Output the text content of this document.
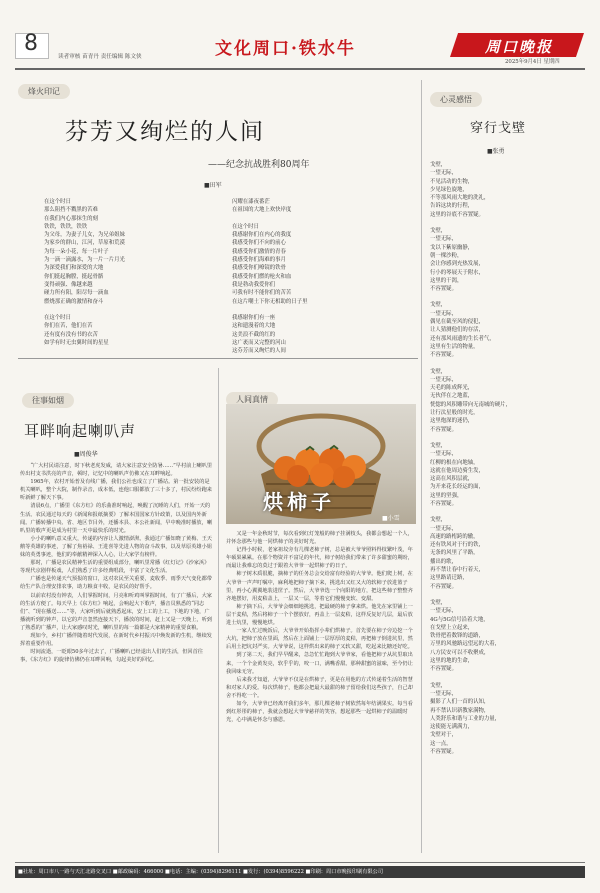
8
读者审核 苗青丹 责任编辑 陈文侠	文化周口·铁水牛	周口晚报
2025年9月4日 星期四
烽火印记
芬芳又绚烂的人间
——纪念抗战胜利80周年
■田军
在这个时日
那么阻挡不戮黑的苦难
在我们内心那抹生的刻
铁铁，铁铁，铁铁
为父母，为妻子儿女，为兄弟姐妹
为家乡的群山，江河，草原和荒漠
为每一朵小花，每一片叶子
为一滴一滴露水，为一片一片月光
为深爱我们和深爱的大地
你们挺起胸膛，挺起骨骼
变得顽强、像越来越
碰力所有阳，阳尽每一滴血
燃烧那正确的激情和奋斗

在这个时日
你们在苦，他们在苦
还有度有没有书的衣苦
如学有时无虫翼时间的星星
闪耀在漆夜番茫
在祖国的大地上欢快岸度

在这个时日
我感谢你们在内心的我度
我感受你们不向的前心
我感受你们激情的青春
我感受你们海难的事月
我感受你们嘹镜的铁骨
我感受你们燃的枪火和血
我是勃动我爱你们
可我有时不能你们的苦苦
在这片嘲土下你无相助的日子里

我感谢你们有一座
这和遗漫着的大地
这美浪不截的红的
这广袤而又完整的河山
这芬芳而又绚烂的人间
往事如烟
耳畔响起喇叭声
■周俊华

“广大村民请注意，时下秋老虎发威，请大家注意安全防暑……”早村前上喇叭里传出村支书洪亮的声音，顿时，记忆中的喇叭声仿佛又在耳畔响起。

1965年，农村开始普及有线广播，我们公社也成立了广播站。第一批安装的是机关喇叭，整个大院，制作录音，成本低，连他口服都放了三十多了，村民纷纷跑来听新鲜了解天下事。

清晨6点，广播里《东方红》的乐曲准时响起，唤醒了沉睡的人们，开始一天的生活。农民通过每天的《新闻和报纸摘要》了解本国国家方针政策，以及国内外新闻。广播转播中央、省、地区节目外，还播本县、本公社新闻，早中晚准时播放，喇叭里的歌声更是成为村里一天中最快乐的时光。

小小的喇叭意义重大，传递的内容让人激情澎湃。我通过广播知晓了黄梅、王天鹅等英雄的事迹，了解了焦裕禄、王进喜等先进人物的奋斗故事，以及草原英雄小姐妹的英勇事迹，他们的奉献精神深入人心，让大家学有榜样。

那时，广播是农民精神生活的重要组成部分，喇叭里常播《红灯记》《沙家浜》等现代京剧样板戏，人们熟悉了许多经典唱段，丰富了文化生活。

广播也是传递天气预报的窗口，这对农民至关重要，麦收季、雨季天气变化都带给生产队合理安排农事，助力粮食丰收，是农民的好帮手。

以前农村没有钟表，人们掌握时间，月亮和听鸡叫掌握时间，有了广播后，大家的生活方便了。每天早上《东方红》响起，会响起大下歌声，播音员熟悉的“同志们”、“现在播送……”等，大家听到后就熟悉起床，安上工的上工，下地的下地，广播就听到的钟声，以它的声音忽然连接天下，播放的时间，赶上又是一天晚上，听到了熟悉的广播声，让大家感叹时光，喇叭里的每一篇都是大家精神的重要食粮。

现如今，乡村广播伴随着时代发展，在新时代乡村振兴中焕发新的生机，继续发挥着重要作用。

时间流逝，一眨眼50多年过去了，广播喇叭已经退出人们的生活，但回首往事，《东方红》的旋律仿佛仍在耳畔回响，勾起美好的回忆。

人间真情
烘柿子
■小雪

又是一年金秋时节，每次看到红灯笼般的柿子挂满枝头，我都会想起一个人，并怀念那些与他一同烘柿子的美好时光。

记得小时候，老家祖坟旁有几棵老柿子树，总是被大爷爷照料得枝繁叶茂，年年硕果累累。在那个物资并不富足的年代，柿子树给我们带来了许多甜蜜的期盼，而最让我难忘的莫过于跟着大爷爷一起烘柿子的日子。

柿子树木质很脆，摘柿子的任务总会交给富有经验的大爷爷。他们爬上树，在大爷爷一声声叮嘱中，麻利地把柿子摘下来，挑选出又红又大的软柿子放进篮子里，再小心翼翼地装进筐子。然后，大爷爷选一个向阳的地方，把这些柿子整整齐齐地摆好，用麦秸盖上，一层又一层，等着它们慢慢变软、变甜。

柿子摘下后，大爷爷会细细地挑选，把最硬的柿子拿来烘。他先在家里铺上一层干麦秸，然后将柿子一个个摆放好，再盖上一层麦秸，这样反复好几层，最后放进土炕里，慢慢地烘。

一家人忙过晚饭后，大爷爷开始指挥小辈们烘柿子。首先要在柿子旁边挖一个大坑，把柿子放在里面，然后在上面铺上一层厚厚的麦秸，再把柿子倒进坑里，然后用土把坑封严实。大爷爷说，这样烘出来的柿子又软又甜，吃起来比糖还好吃。

到了第二天，我们早早醒来，急急忙忙跑到大爷爷家，看他把柿子从坑里取出来，一个个金黄发亮，软乎乎的，咬一口，满嘴香甜。那种甜蜜的滋味，至今仍让我回味无穷。

后来我才知道，大爷爷不仅是在烘柿子，更是在用他的方式传递着生活的智慧和对家人的爱。每次烘柿子，他都会把最大最甜的柿子留给我们这些孩子，自己却舍不得吃一个。

如今，大爷爷已经离开我们多年，那几棵老柿子树依然每年结满果实。每当看到红彤彤的柿子，我就会想起大爷爷慈祥的笑容，想起那些一起烘柿子的温暖时光，心中满是怀念与感恩。

心灵感悟
穿行戈壁
■张勇
戈壁，
一望无际，
不见活动的生物，
少见绿色旋地，
不等那风雨大地的洗礼，
告诉这块的行程，
这里的谷底不容置疑。
戈壁，
一望无际，
戈以下紫原幽静，
朝一棵沙粉，
会让你感到充热发展，
行小的琴展天于附水，
这里的干渴，
不容置疑。
戈壁，
一望无际，
偶见在截至风的侵犯，
让人猜测他们的存活，
还有那风雨遗的生长者气，
这里有生活的物量，
不容置疑。
戈壁，
一望无际，
天毛的陈成辉光，
无伙伴在之地蓝，
恍惚的风积雕带向无南城的硬片，
让行汰星般的时光，
这里炮深的迷仍，
不容置疑。
戈壁，
一望无际，
红柳的根在向地轴，
这就在他周边骑生发，
这高在风积层就，
为开来花长经运的面，
这里的坚强，
不容置疑。
戈壁，
一望无际，
高速的路桁跨的辙，
还有铁风对于行的铁，
无条的风里了平路，
播出的歌，
再不禁让春中行着天，
这里路请迁路，
不容置疑。
戈壁，
一望无际，
4G与5G信号沿着大地，
在戈壁上立起来，
铁骨把着数锋的道路，
万里的风驰路远望远的大着，
八方民安可以不收聚成，
这里的地的生命，
不容置疑。
戈壁，
一望无际，
摄影了人们一首的认知，
再不禁认识新教家满物，
人类舒乐和谐与工业的力量，
这使能无满满力，
戈壁对于，
这一点，
不容置疑。
■社址：周口市八一路与天汇北路交叉口 ■邮政编码：466000 ■电话：主编：(0394)8296111 ■发行：(0394)8596222 ■印刷：周口市晚报印刷有限公司
